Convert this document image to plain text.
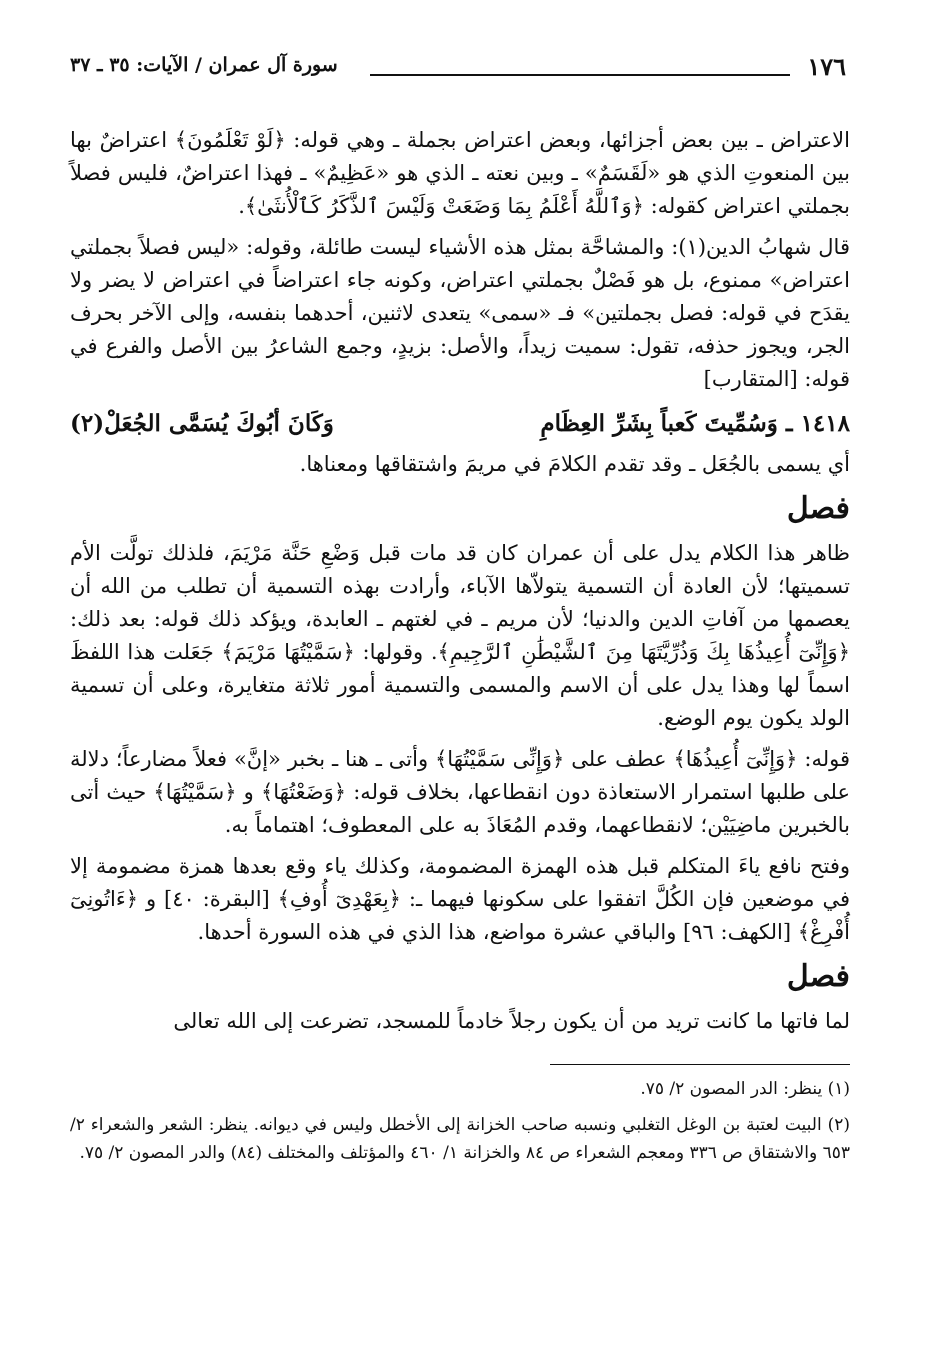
١٧٦
سورة آل عمران / الآيات: ٣٥ ـ ٣٧

الاعتراض ـ بين بعض أجزائها، وبعض اعتراض بجملة ـ وهي قوله: ﴿لَوْ تَعْلَمُونَ﴾ اعتراضٌ بها بين المنعوتِ الذي هو «لَقَسَمٌ» ـ وبين نعته ـ الذي هو «عَظِيمٌ» ـ فهذا اعتراضٌ، فليس فصلاً بجملتي اعتراض كقوله: ﴿وَٱللَّهُ أَعْلَمُ بِمَا وَضَعَتْ وَلَيْسَ ٱلذَّكَرُ كَٱلْأُنثَىٰ﴾.

قال شهابُ الدين(١): والمشاحَّة بمثل هذه الأشياء ليست طائلة، وقوله: «ليس فصلاً بجملتي اعتراض» ممنوع، بل هو فَصْلٌ بجملتي اعتراض، وكونه جاء اعتراضاً في اعتراض لا يضر ولا يقدَح في قوله: فصل بجملتين» فـ «سمى» يتعدى لاثنين، أحدهما بنفسه، وإلى الآخر بحرف الجر، ويجوز حذفه، تقول: سميت زيداً، والأصل: بزيدٍ، وجمع الشاعرُ بين الأصل والفرع في قوله: [المتقارب]

١٤١٨ ـ وَسُمِّيتَ كَعباً بِشَرِّ العِظَامِ
وَكَانَ أبُوكَ يُسَمَّى الجُعَلْ(٢)

أي يسمى بالجُعَل ـ وقد تقدم الكلامَ في مريمَ واشتقاقها ومعناها.

فصل

ظاهر هذا الكلام يدل على أن عمران كان قد مات قبل وَضْعِ حَنَّة مَرْيَمَ، فلذلك تولَّت الأم تسميتها؛ لأن العادة أن التسمية يتولاّها الآباء، وأرادت بهذه التسمية أن تطلب من الله أن يعصمها من آفاتِ الدين والدنيا؛ لأن مريم ـ في لغتهم ـ العابدة، ويؤكد ذلك قوله: بعد ذلك: ﴿وَإِنِّىٓ أُعِيذُهَا بِكَ وَذُرِّيَّتَهَا مِنَ ٱلشَّيْطَٰنِ ٱلرَّجِيمِ﴾. وقولها: ﴿سَمَّيْتُهَا مَرْيَمَ﴾ جَعَلت هذا اللفظَ اسماً لها وهذا يدل على أن الاسم والمسمى والتسمية أمور ثلاثة متغايرة، وعلى أن تسمية الولد يكون يوم الوضع.

قوله: ﴿وَإِنِّىٓ أُعِيذُهَا﴾ عطف على ﴿وَإِنِّى سَمَّيْتُهَا﴾ وأتى ـ هنا ـ بخبر «إنَّ» فعلاً مضارعاً؛ دلالة على طلبها استمرار الاستعاذة دون انقطاعها، بخلاف قوله: ﴿وَضَعْتُهَا﴾ و ﴿سَمَّيْتُهَا﴾ حيث أتى بالخبرين ماضِيَيْن؛ لانقطاعهما، وقدم المُعَاذَ به على المعطوف؛ اهتماماً به.

وفتح نافع ياءَ المتكلم قبل هذه الهمزة المضمومة، وكذلك ياء وقع بعدها همزة مضمومة إلا في موضعين فإن الكُلَّ اتفقوا على سكونها فيهما ـ: ﴿بِعَهْدِىٓ أُوفِ﴾ [البقرة: ٤٠] و ﴿ءَاتُونِىٓ أُفْرِغْ﴾ [الكهف: ٩٦] والباقي عشرة مواضع، هذا الذي في هذه السورة أحدها.

فصل

لما فاتها ما كانت تريد من أن يكون رجلاً خادماً للمسجد، تضرعت إلى الله تعالى

(١) ينظر: الدر المصون ٢/ ٧٥.

(٢) البيت لعتبة بن الوغل التغلبي ونسبه صاحب الخزانة إلى الأخطل وليس في ديوانه. ينظر: الشعر والشعراء ٢/ ٦٥٣ والاشتقاق ص ٣٣٦ ومعجم الشعراء ص ٨٤ والخزانة ١/ ٤٦٠ والمؤتلف والمختلف (٨٤) والدر المصون ٢/ ٧٥.
